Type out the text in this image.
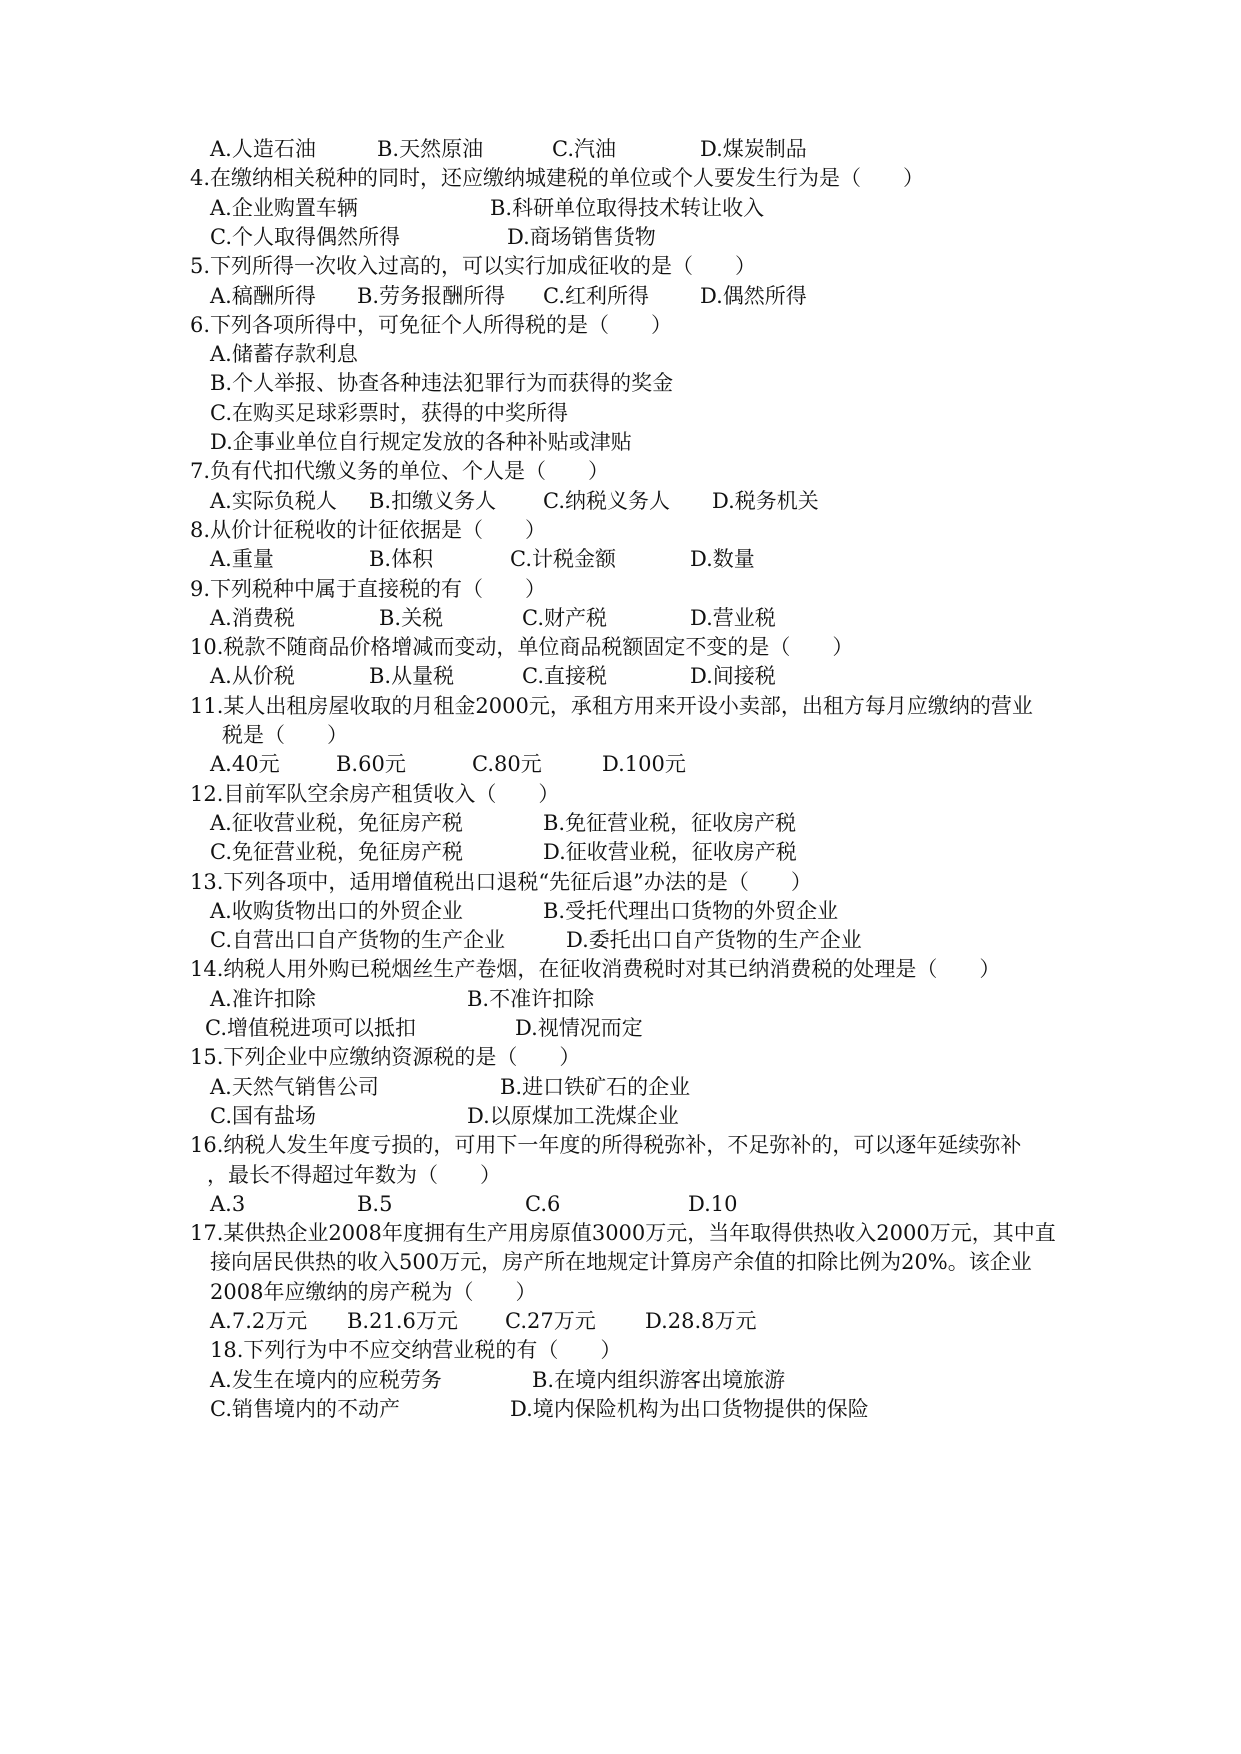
A.人造石油	B.天然原油	C.汽油	D.煤炭制品
4.在缴纳相关税种的同时，还应缴纳城建税的单位或个人要发生行为是（　　）
A.企业购置车辆	B.科研单位取得技术转让收入
C.个人取得偶然所得	D.商场销售货物
5.下列所得一次收入过高的，可以实行加成征收的是（　　）
A.稿酬所得 B.劳务报酬所得 C.红利所得 D.偶然所得
6.下列各项所得中，可免征个人所得税的是（　　）
A.储蓄存款利息
B.个人举报、协查各种违法犯罪行为而获得的奖金
C.在购买足球彩票时，获得的中奖所得
D.企事业单位自行规定发放的各种补贴或津贴
7.负有代扣代缴义务的单位、个人是（　　）
A.实际负税人 B.扣缴义务人 C.纳税义务人 D.税务机关
8.从价计征税收的计征依据是（　　）
A.重量	B.体积	C.计税金额	D.数量
9.下列税种中属于直接税的有（　　）
A.消费税	B.关税	C.财产税	D.营业税
10.税款不随商品价格增减而变动，单位商品税额固定不变的是（　　）
A.从价税	B.从量税	C.直接税	D.间接税
11.某人出租房屋收取的月租金2000元，承租方用来开设小卖部，出租方每月应缴纳的营业
税是（　　）
A.40元	B.60元	C.80元	D.100元
12.目前军队空余房产租赁收入（　　）
A.征收营业税，免征房产税	B.免征营业税，征收房产税
C.免征营业税，免征房产税	D.征收营业税，征收房产税
13.下列各项中，适用增值税出口退税“先征后退”办法的是（　　）
A.收购货物出口的外贸企业	B.受托代理出口货物的外贸企业
C.自营出口自产货物的生产企业	D.委托出口自产货物的生产企业
14.纳税人用外购已税烟丝生产卷烟，在征收消费税时对其已纳消费税的处理是（　　）
A.准许扣除	B.不准许扣除
C.增值税进项可以抵扣	D.视情况而定
15.下列企业中应缴纳资源税的是（　　）
A.天然气销售公司	B.进口铁矿石的企业
C.国有盐场	D.以原煤加工洗煤企业
16.纳税人发生年度亏损的，可用下一年度的所得税弥补，不足弥补的，可以逐年延续弥补
，最长不得超过年数为（　　）
A.3	B.5	C.6	D.10
17.某供热企业2008年度拥有生产用房原值3000万元，当年取得供热收入2000万元，其中直
接向居民供热的收入500万元，房产所在地规定计算房产余值的扣除比例为20%。该企业
2008年应缴纳的房产税为（　　）
A.7.2万元 B.21.6万元 C.27万元 D.28.8万元
18.下列行为中不应交纳营业税的有（　　）
A.发生在境内的应税劳务	B.在境内组织游客出境旅游
C.销售境内的不动产	D.境内保险机构为出口货物提供的保险
